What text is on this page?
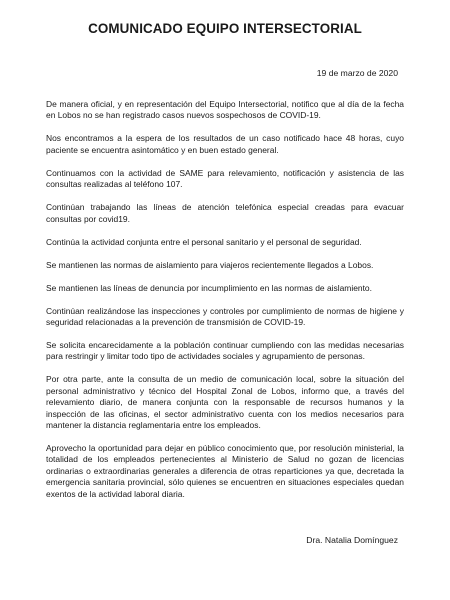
COMUNICADO EQUIPO INTERSECTORIAL
19 de marzo de 2020

De manera oficial, y en representación del Equipo Intersectorial, notifico que al día de la fecha en Lobos no se han registrado casos nuevos sospechosos de COVID-19.

Nos encontramos a la espera de los resultados de un caso notificado hace 48 horas, cuyo paciente se encuentra asintomático y en buen estado general.

Continuamos con la actividad de SAME para relevamiento, notificación y asistencia de las consultas realizadas al teléfono 107.

Continúan trabajando las líneas de atención telefónica especial creadas para evacuar consultas por covid19.

Continúa la actividad conjunta entre el personal sanitario y el personal de seguridad.

Se mantienen las normas de aislamiento para viajeros recientemente llegados a Lobos.

Se mantienen las líneas de denuncia por incumplimiento en las normas de aislamiento.

Continúan realizándose las inspecciones y controles por cumplimiento de normas de higiene y seguridad relacionadas a la prevención de transmisión de COVID-19.

Se solicita encarecidamente a la población continuar cumpliendo con las medidas necesarias para restringir y limitar todo tipo de actividades sociales y agrupamiento de personas.

Por otra parte, ante la consulta de un medio de comunicación local, sobre la situación del personal administrativo y técnico del Hospital Zonal de Lobos, informo que, a través del relevamiento diario, de manera conjunta con la responsable de recursos humanos y la inspección de las oficinas, el sector administrativo cuenta con los medios necesarios para mantener la distancia reglamentaria entre los empleados.

Aprovecho la oportunidad para dejar en público conocimiento que, por resolución ministerial, la totalidad de los empleados pertenecientes al Ministerio de Salud no gozan de licencias ordinarias o extraordinarias generales a diferencia de otras reparticiones ya que, decretada la emergencia sanitaria provincial, sólo quienes se encuentren en situaciones especiales quedan exentos de la actividad laboral diaria.

Dra. Natalia Domínguez
